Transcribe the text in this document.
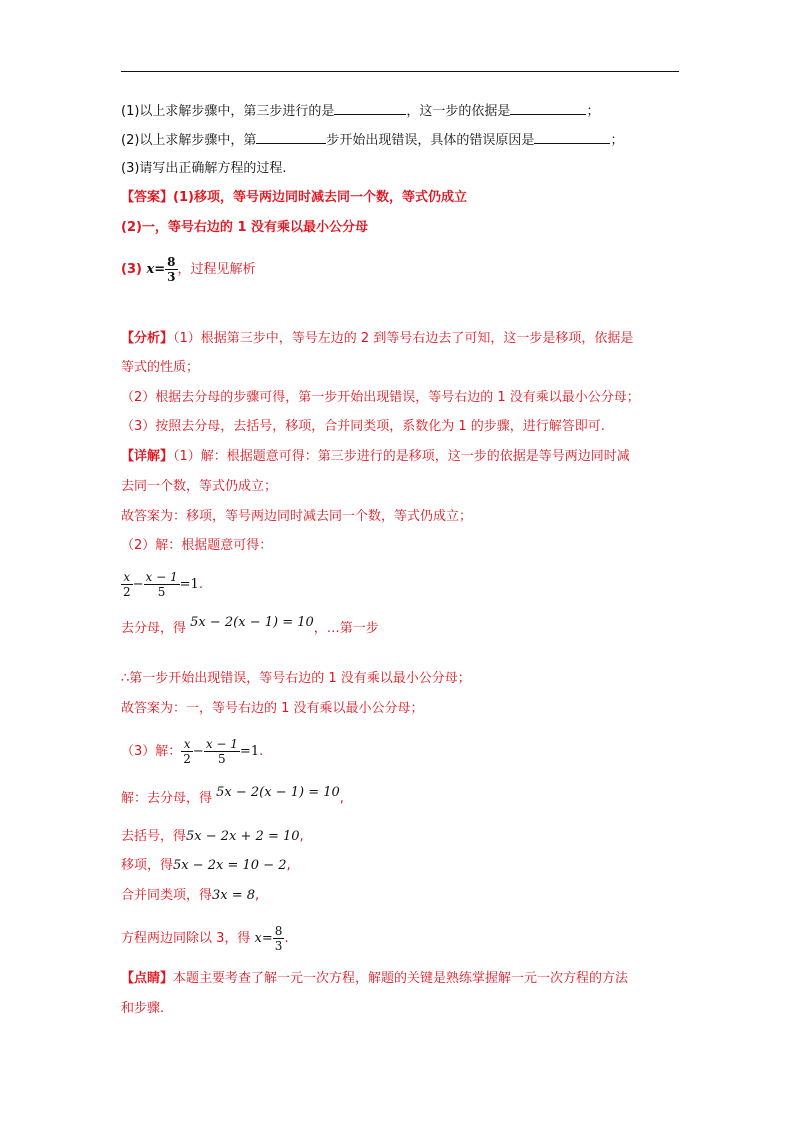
(1)以上求解步骤中，第三步进行的是	，这一步的依据是	；
(2)以上求解步骤中，第	步开始出现错误，具体的错误原因是	；
(3)请写出正确解方程的过程.
【答案】(1)移项，等号两边同时减去同一个数，等式仍成立
(2)一，等号右边的 1 没有乘以最小公分母
(3) $x= \frac{8}{3}$ ，过程见解析
【分析】（1）根据第三步中，等号左边的 2 到等号右边去了可知，这一步是移项，依据是
等式的性质；
（2）根据去分母的步骤可得，第一步开始出现错误，等号右边的 1 没有乘以最小公分母；
（3）按照去分母，去括号，移项，合并同类项，系数化为 1 的步骤，进行解答即可.
【详解】（1）解：根据题意可得：第三步进行的是移项，这一步的依据是等号两边同时减
去同一个数，等式仍成立；
故答案为：移项，等号两边同时减去同一个数，等式仍成立；
（2）解：根据题意可得：
$\frac{x}{2} - \frac{x - 1}{5} =1$.
去分母，得 5x − 2(x − 1) = 10，…第一步
∴第一步开始出现错误，等号右边的 1 没有乘以最小公分母；
故答案为：一，等号右边的 1 没有乘以最小公分母；
（3）解： $\frac{x}{2} - \frac{x - 1}{5} =1$.
解：去分母，得 5x − 2(x − 1) = 10,
去括号，得5x − 2x + 2 = 10,
移项，得5x − 2x = 10 − 2,
合并同类项，得3x = 8,
方程两边同除以 3，得 $x= \frac{8}{3}$ .
【点睛】本题主要考查了解一元一次方程，解题的关键是熟练掌握解一元一次方程的方法
和步骤.
